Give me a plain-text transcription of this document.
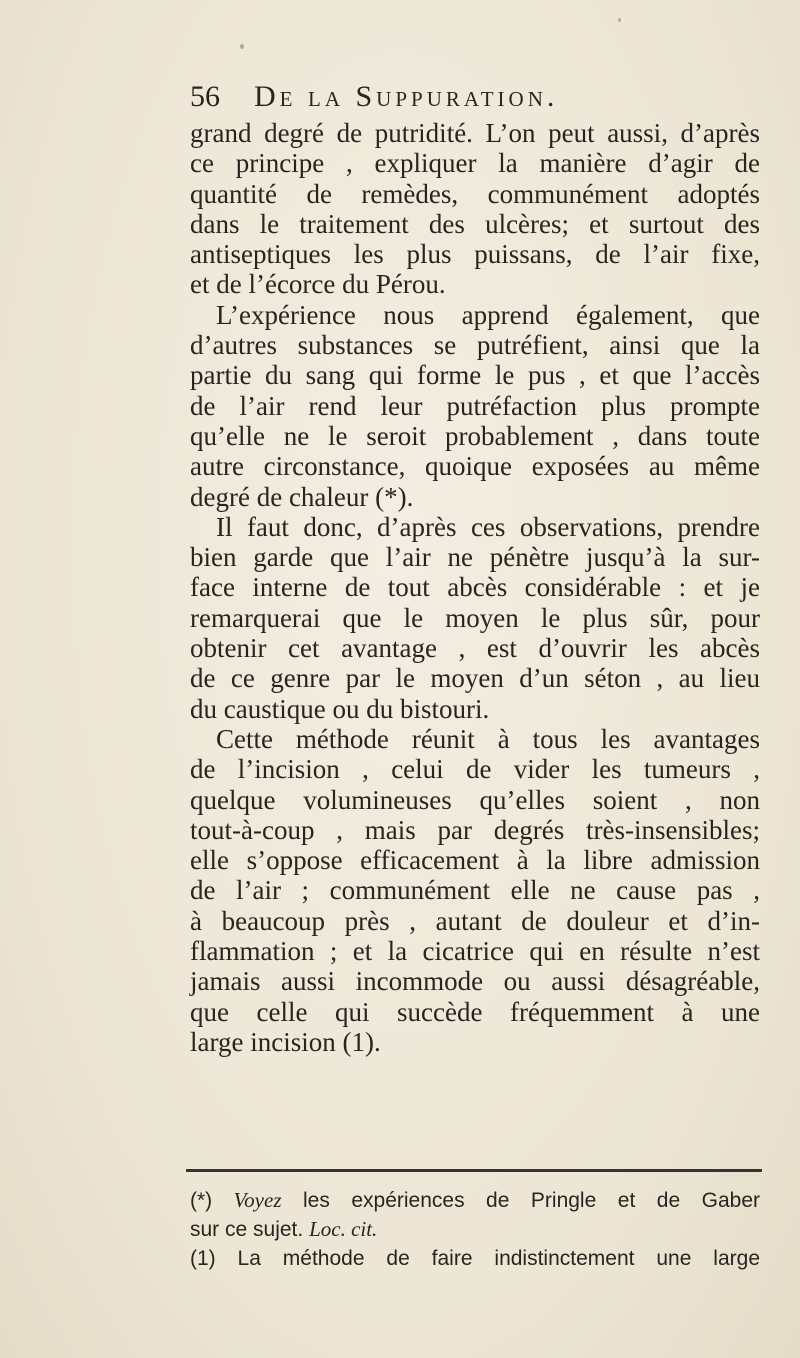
56 De la Suppuration.
grand degré de putridité. L’on peut aussi, d’après
ce principe , expliquer la manière d’agir de
quantité de remèdes, communément adoptés
dans le traitement des ulcères; et surtout des
antiseptiques les plus puissans, de l’air fixe,
et de l’écorce du Pérou.
L’expérience nous apprend également, que
d’autres substances se putréfient, ainsi que la
partie du sang qui forme le pus , et que l’accès
de l’air rend leur putréfaction plus prompte
qu’elle ne le seroit probablement , dans toute
autre circonstance, quoique exposées au même
degré de chaleur (*).
Il faut donc, d’après ces observations, prendre
bien garde que l’air ne pénètre jusqu’à la sur-
face interne de tout abcès considérable : et je
remarquerai que le moyen le plus sûr, pour
obtenir cet avantage , est d’ouvrir les abcès
de ce genre par le moyen d’un séton , au lieu
du caustique ou du bistouri.
Cette méthode réunit à tous les avantages
de l’incision , celui de vider les tumeurs ,
quelque volumineuses qu’elles soient , non
tout-à-coup , mais par degrés très-insensibles;
elle s’oppose efficacement à la libre admission
de l’air ; communément elle ne cause pas ,
à beaucoup près , autant de douleur et d’in-
flammation ; et la cicatrice qui en résulte n’est
jamais aussi incommode ou aussi désagréable,
que celle qui succède fréquemment à une
large incision (1).
(*) Voyez les expériences de Pringle et de Gaber
sur ce sujet. Loc. cit.
(1) La méthode de faire indistinctement une large
